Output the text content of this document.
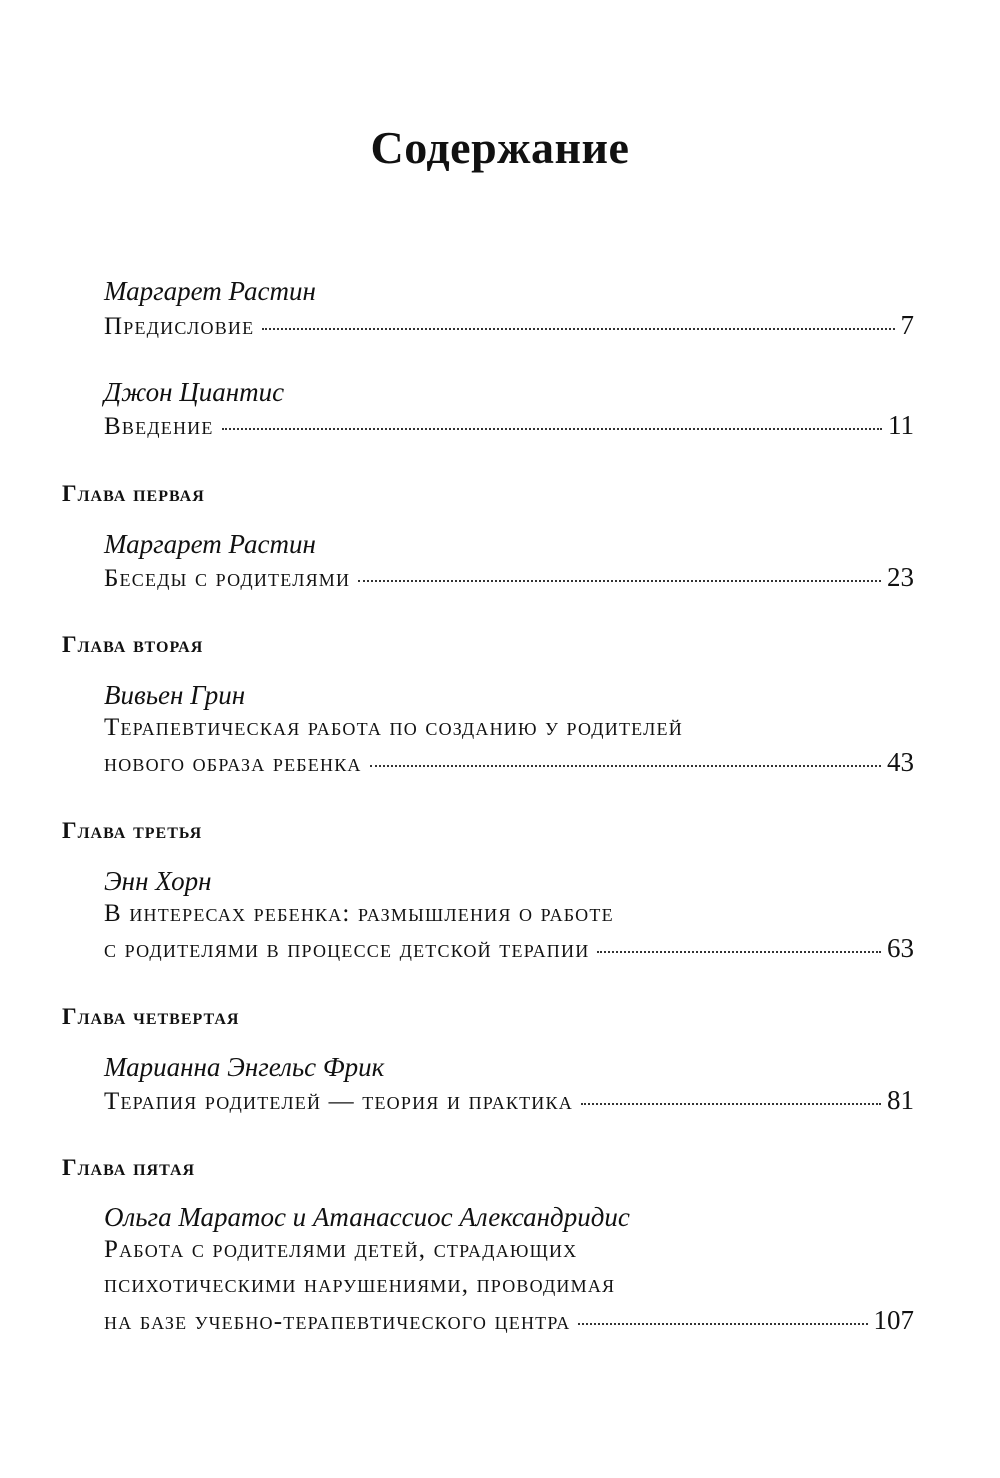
Содержание
Маргарет Растин
Предисловие	7
Джон Циантис
Введение	11
Глава первая
Маргарет Растин
Беседы с родителями	23
Глава вторая
Вивьен Грин
Терапевтическая работа по созданию у родителей
нового образа ребенка	43
Глава третья
Энн Хорн
В интересах ребенка: размышления о работе
с родителями в процессе детской терапии	63
Глава четвертая
Марианна Энгельс Фрик
Терапия родителей — теория и практика	81
Глава пятая
Ольга Маратос и Атанассиос Александридис
Работа с родителями детей, страдающих
психотическими нарушениями, проводимая
на базе учебно-терапевтического центра	107
